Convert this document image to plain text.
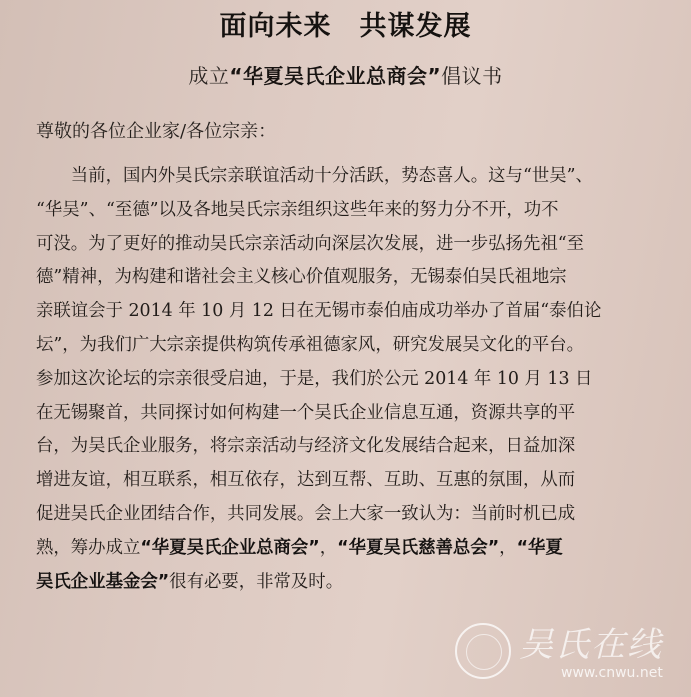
面向未来 共谋发展
成立“华夏吴氏企业总商会”倡议书
尊敬的各位企业家/各位宗亲：
　　当前，国内外吴氏宗亲联谊活动十分活跃，势态喜人。这与“世吴”、
“华吴”、“至德”以及各地吴氏宗亲组织这些年来的努力分不开，功不
可没。为了更好的推动吴氏宗亲活动向深层次发展，进一步弘扬先祖“至
德”精神，为构建和谐社会主义核心价值观服务，无锡泰伯吴氏祖地宗
亲联谊会于 2014 年 10 月 12 日在无锡市泰伯庙成功举办了首届“泰伯论
坛”，为我们广大宗亲提供构筑传承祖德家风，研究发展吴文化的平台。
参加这次论坛的宗亲很受启迪，于是，我们於公元 2014 年 10 月 13 日
在无锡聚首，共同探讨如何构建一个吴氏企业信息互通，资源共享的平
台，为吴氏企业服务，将宗亲活动与经济文化发展结合起来，日益加深
增进友谊，相互联系，相互依存，达到互帮、互助、互惠的氛围，从而
促进吴氏企业团结合作，共同发展。会上大家一致认为：当前时机已成
熟，筹办成立“华夏吴氏企业总商会”，“华夏吴氏慈善总会”，“华夏
吴氏企业基金会”很有必要，非常及时。
吴氏在线
www.cnwu.net
